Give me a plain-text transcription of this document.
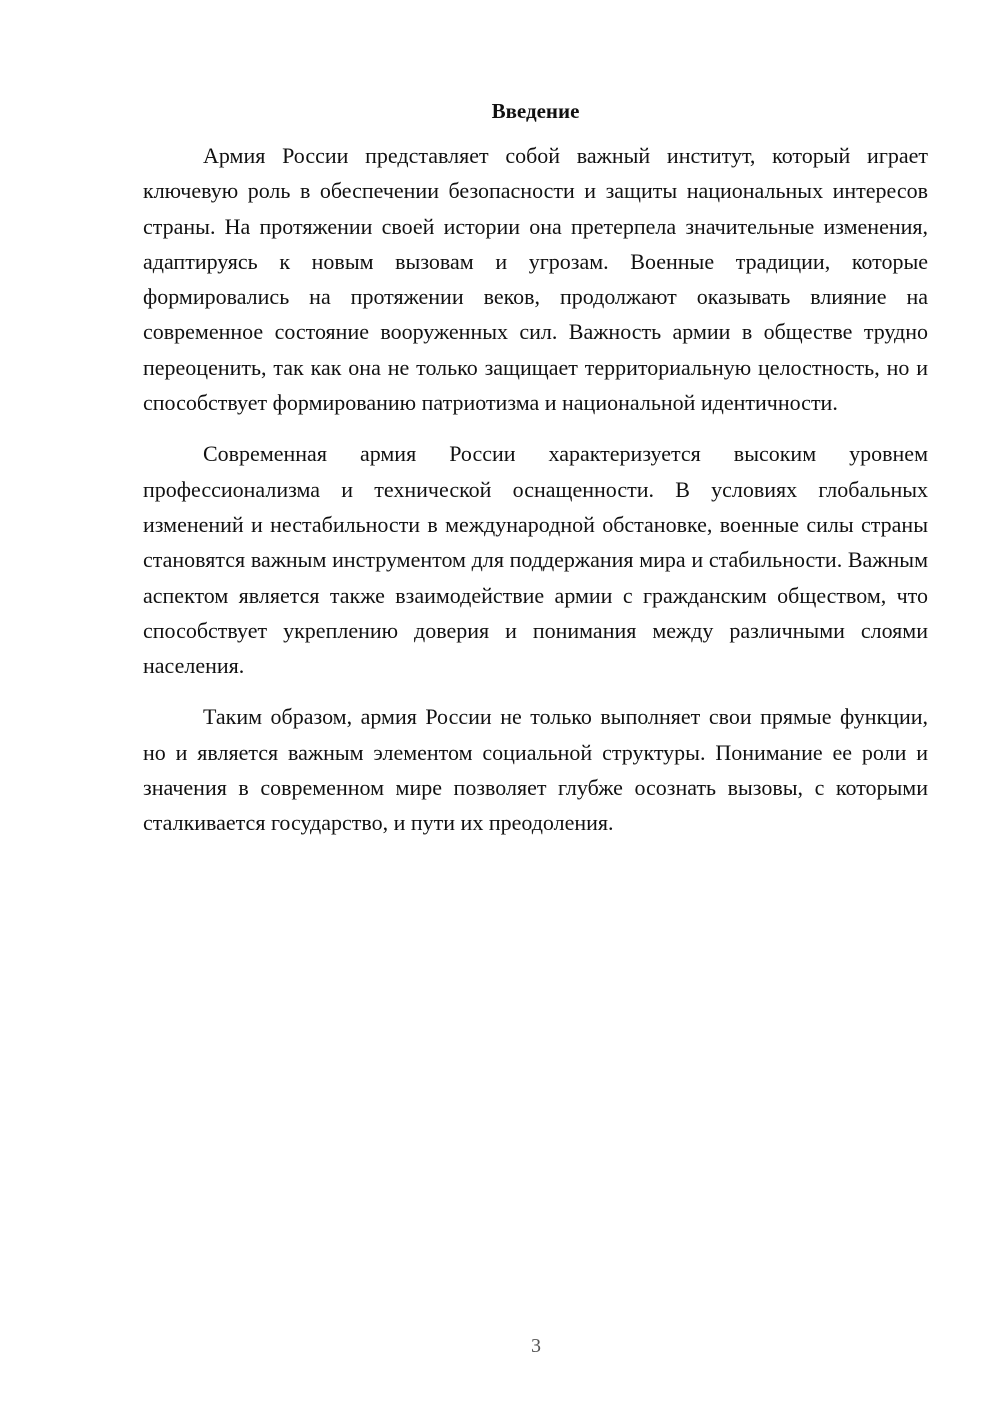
Введение

Армия России представляет собой важный институт, который играет ключевую роль в обеспечении безопасности и защиты национальных интересов страны. На протяжении своей истории она претерпела значительные изменения, адаптируясь к новым вызовам и угрозам. Военные традиции, которые формировались на протяжении веков, продолжают оказывать влияние на современное состояние вооруженных сил. Важность армии в обществе трудно переоценить, так как она не только защищает территориальную целостность, но и способствует формированию патриотизма и национальной идентичности.

Современная армия России характеризуется высоким уровнем профессионализма и технической оснащенности. В условиях глобальных изменений и нестабильности в международной обстановке, военные силы страны становятся важным инструментом для поддержания мира и стабильности. Важным аспектом является также взаимодействие армии с гражданским обществом, что способствует укреплению доверия и понимания между различными слоями населения.

Таким образом, армия России не только выполняет свои прямые функции, но и является важным элементом социальной структуры. Понимание ее роли и значения в современном мире позволяет глубже осознать вызовы, с которыми сталкивается государство, и пути их преодоления.

3
